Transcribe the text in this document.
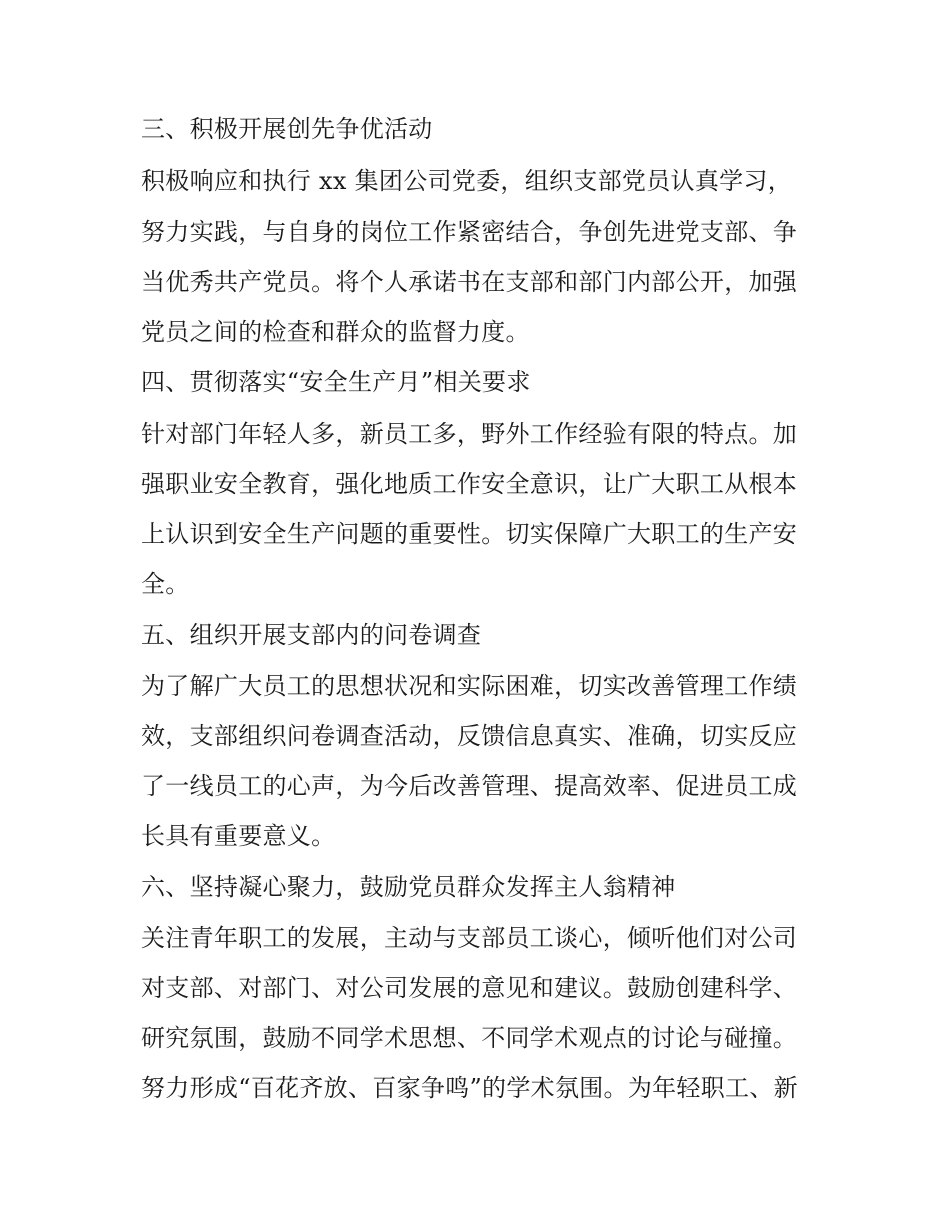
三、积极开展创先争优活动
积极响应和执行 xx 集团公司党委，组织支部党员认真学习，
努力实践，与自身的岗位工作紧密结合，争创先进党支部、争
当优秀共产党员。将个人承诺书在支部和部门内部公开，加强
党员之间的检查和群众的监督力度。
四、贯彻落实“安全生产月”相关要求
针对部门年轻人多，新员工多，野外工作经验有限的特点。加
强职业安全教育，强化地质工作安全意识，让广大职工从根本
上认识到安全生产问题的重要性。切实保障广大职工的生产安
全。
五、组织开展支部内的问卷调查
为了解广大员工的思想状况和实际困难，切实改善管理工作绩
效，支部组织问卷调查活动，反馈信息真实、准确，切实反应
了一线员工的心声，为今后改善管理、提高效率、促进员工成
长具有重要意义。
六、坚持凝心聚力，鼓励党员群众发挥主人翁精神
关注青年职工的发展，主动与支部员工谈心，倾听他们对公司
对支部、对部门、对公司发展的意见和建议。鼓励创建科学、
研究氛围，鼓励不同学术思想、不同学术观点的讨论与碰撞。
努力形成“百花齐放、百家争鸣”的学术氛围。为年轻职工、新
